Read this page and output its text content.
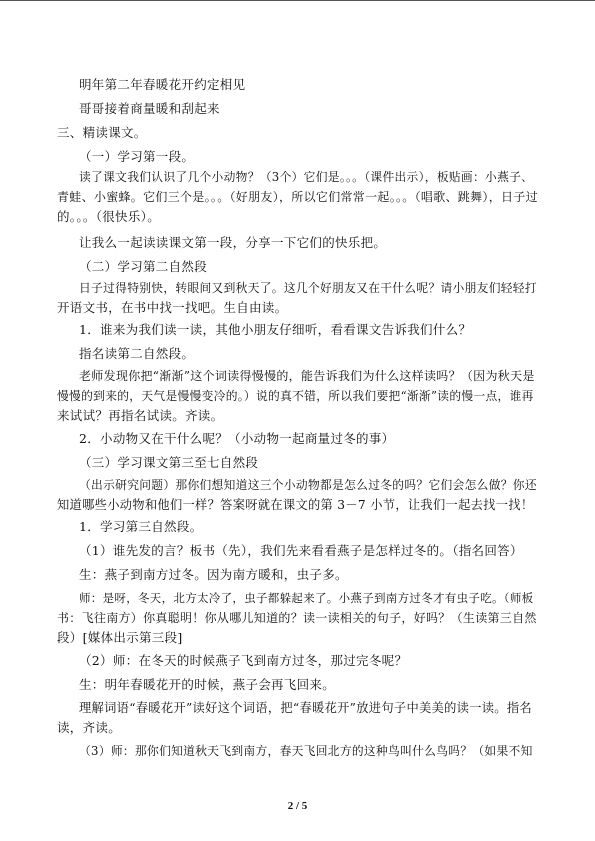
明年第二年春暖花开约定相见
哥哥接着商量暖和刮起来
三、精读课文。
（一）学习第一段。
读了课文我们认识了几个小动物？（3个）它们是。。。（课件出示），板贴画：小燕子、
青蛙、小蜜蜂。它们三个是。。。（好朋友），所以它们常常一起。。。（唱歌、跳舞），日子过
的。。。（很快乐）。
让我么一起读读课文第一段，分享一下它们的快乐把。
（二）学习第二自然段
日子过得特别快，转眼间又到秋天了。这几个好朋友又在干什么呢？请小朋友们轻轻打
开语文书，在书中找一找吧。生自由读。
1．谁来为我们读一读，其他小朋友仔细听，看看课文告诉我们什么？
指名读第二自然段。
老师发现你把“渐渐”这个词读得慢慢的，能告诉我们为什么这样读吗？（因为秋天是
慢慢的到来的，天气是慢慢变冷的。）说的真不错，所以我们要把“渐渐”读的慢一点，谁再
来试试？再指名试读。齐读。
2．小动物又在干什么呢？（小动物一起商量过冬的事）
（三）学习课文第三至七自然段
（出示研究问题）那你们想知道这三个小动物都是怎么过冬的吗？它们会怎么做？你还
知道哪些小动物和他们一样？答案呀就在课文的第 3－7 小节，让我们一起去找一找！
1．学习第三自然段。
（1）谁先发的言？板书（先），我们先来看看燕子是怎样过冬的。（指名回答）
生：燕子到南方过冬。因为南方暖和，虫子多。
师：是呀，冬天，北方太冷了，虫子都躲起来了。小燕子到南方过冬才有虫子吃。（师板
书：飞往南方）你真聪明！你从哪儿知道的？读一读相关的句子，好吗？（生读第三自然
段）[媒体出示第三段]
（2）师：在冬天的时候燕子飞到南方过冬，那过完冬呢？
生：明年春暖花开的时候，燕子会再飞回来。
理解词语“春暖花开”读好这个词语，把“春暖花开”放进句子中美美的读一读。指名
读，齐读。
（3）师：那你们知道秋天飞到南方，春天飞回北方的这种鸟叫什么鸟吗？（如果不知
2 / 5
